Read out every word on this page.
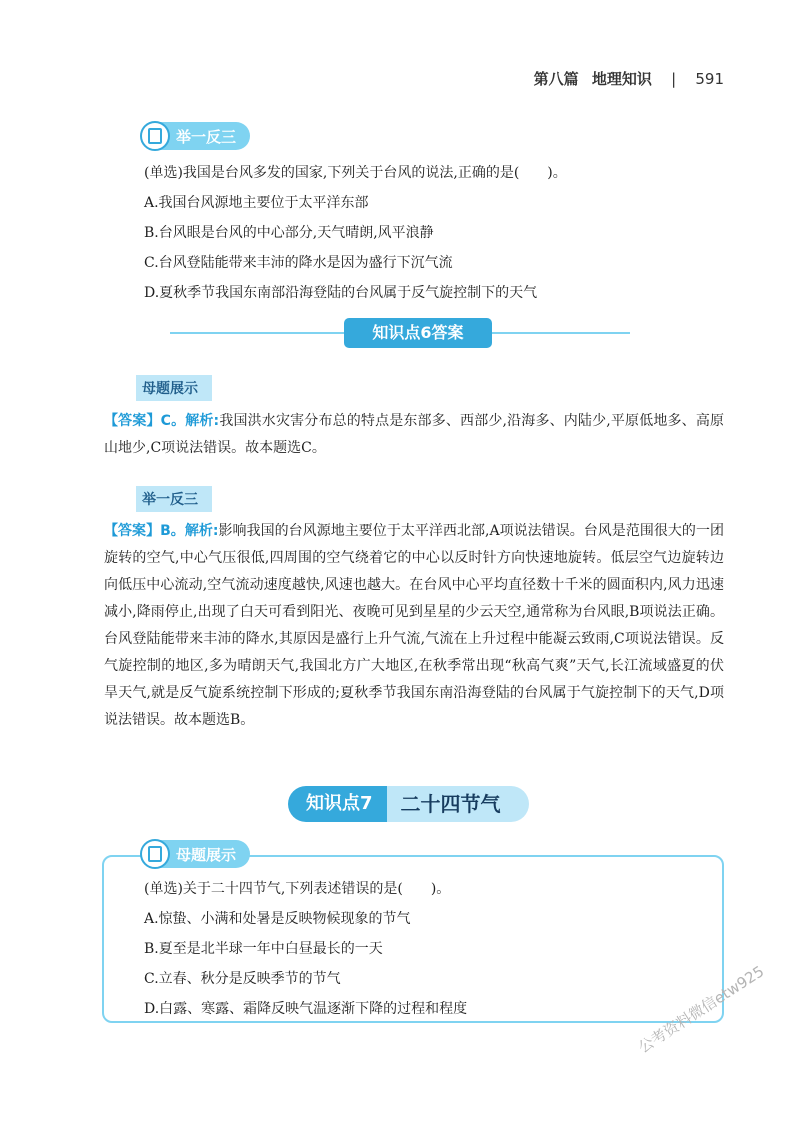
第八篇 地理知识 | 591
举一反三
(单选)我国是台风多发的国家,下列关于台风的说法,正确的是(　　)。
A.我国台风源地主要位于太平洋东部
B.台风眼是台风的中心部分,天气晴朗,风平浪静
C.台风登陆能带来丰沛的降水是因为盛行下沉气流
D.夏秋季节我国东南部沿海登陆的台风属于反气旋控制下的天气
知识点6答案
母题展示
【答案】C。解析:我国洪水灾害分布总的特点是东部多、西部少,沿海多、内陆少,平原低地多、高原山地少,C项说法错误。故本题选C。
举一反三
【答案】B。解析:影响我国的台风源地主要位于太平洋西北部,A项说法错误。台风是范围很大的一团旋转的空气,中心气压很低,四周围的空气绕着它的中心以反时针方向快速地旋转。低层空气边旋转边向低压中心流动,空气流动速度越快,风速也越大。在台风中心平均直径数十千米的圆面积内,风力迅速减小,降雨停止,出现了白天可看到阳光、夜晚可见到星星的少云天空,通常称为台风眼,B项说法正确。台风登陆能带来丰沛的降水,其原因是盛行上升气流,气流在上升过程中能凝云致雨,C项说法错误。反气旋控制的地区,多为晴朗天气,我国北方广大地区,在秋季常出现“秋高气爽”天气,长江流域盛夏的伏旱天气,就是反气旋系统控制下形成的;夏秋季节我国东南沿海登陆的台风属于气旋控制下的天气,D项说法错误。故本题选B。
知识点7	二十四节气
母题展示
(单选)关于二十四节气,下列表述错误的是(　　)。
A.惊蛰、小满和处暑是反映物候现象的节气
B.夏至是北半球一年中白昼最长的一天
C.立春、秋分是反映季节的节气
D.白露、寒露、霜降反映气温逐渐下降的过程和程度	公考资料微信etw925
